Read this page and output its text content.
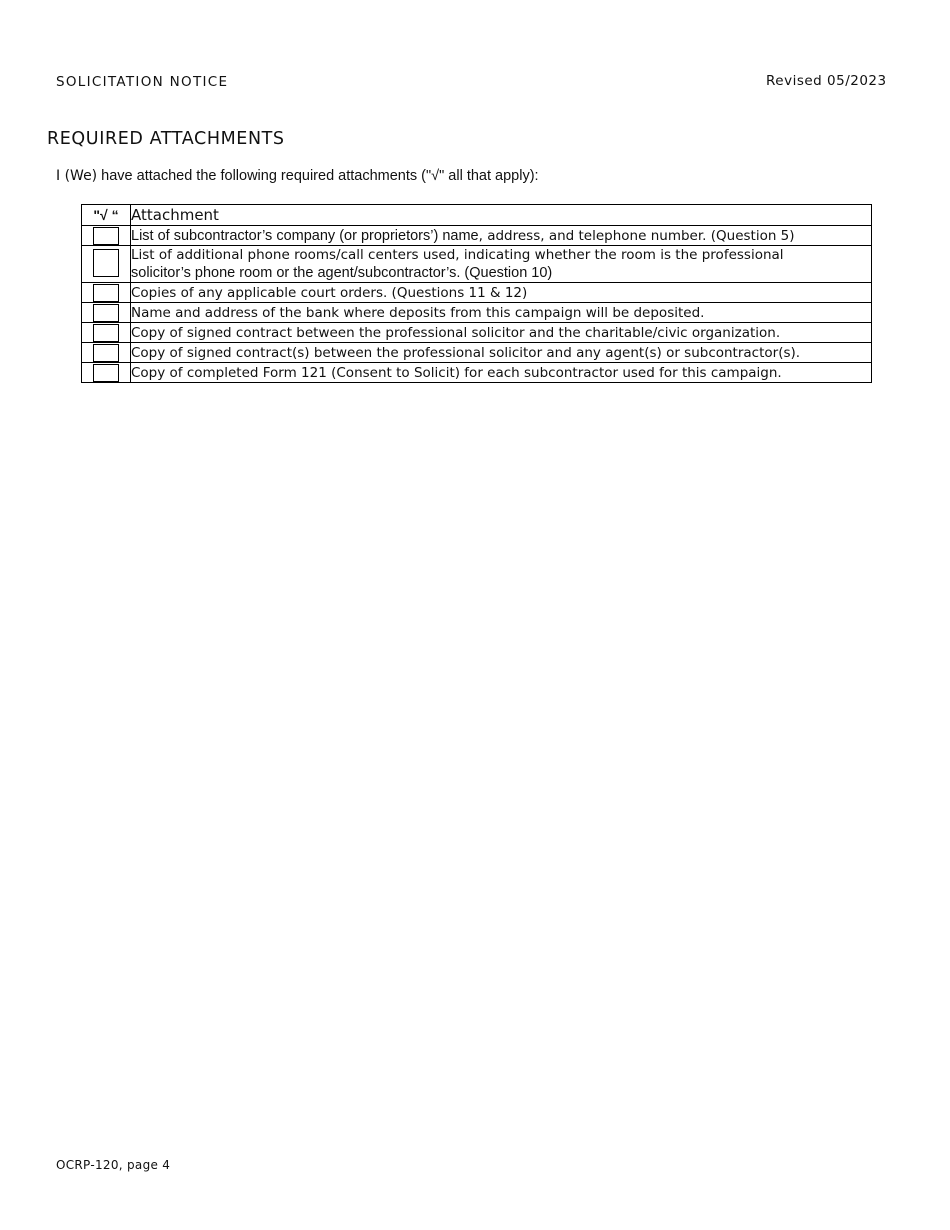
SOLICITATION NOTICE	Revised 05/2023
REQUIRED ATTACHMENTS
I (We) have attached the following required attachments ("√" all that apply):
"√ “	Attachment

	List of subcontractor’s company (or proprietors’) name, address, and telephone number. (Question 5)

	List of additional phone rooms/call centers used, indicating whether the room is the professional
solicitor’s phone room or the agent/subcontractor’s. (Question 10)

	Copies of any applicable court orders. (Questions 11 & 12)

	Name and address of the bank where deposits from this campaign will be deposited.

	Copy of signed contract between the professional solicitor and the charitable/civic organization.

	Copy of signed contract(s) between the professional solicitor and any agent(s) or subcontractor(s).

	Copy of completed Form 121 (Consent to Solicit) for each subcontractor used for this campaign.
OCRP-120, page 4
